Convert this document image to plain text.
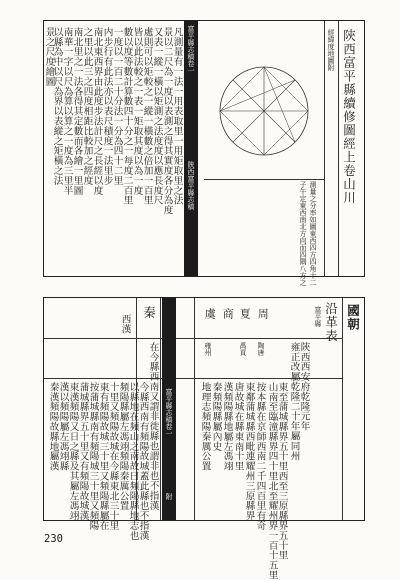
陝西富平縣續修圖經上卷山川
經緯度地圖附
測量之分率如圖東西四方四角十二
子午定東西南北方向而四隅八方之
富平縣志稿卷一
陝西富平縣志稿
凡測量有一法一用表取里一用矩取里之法
景以二尺為一度以表測之得其實度各分為度
又表一縱一橫以矩測之法度度以應長度尺
處則可以矩較之一縱一橫數之倍加一百里
皆以此法較之一表一矩取其度以為一度
數以度等數計算數四十分之一每度二百里
一度以一百二十分法一分為四十二里
内步行有此法亦以表尺積度一法里步
南北東西界由此度步法計尺之長經以度
之里以此三之四度相距比較加之經度
南北里之一法各得其定數而各繪一里圖
南華一字以尺為算以算之一度為三里半
以縣為中以尺為界以表縱之矩橫之法
景之尺度繪圖
國朝
沿革表
富平縣
周
夏
商
虞
雍州	禹貢 陶唐	陝西西安府乾隆元年
雍正改屬乾隆二十年屬同州
東至蒲城縣界五十里西至三原縣界五十里
山南至臨潼縣界四十里北至耀州界一百十五里
按本縣在京師西南二千四百里有奇
東鄰蒲城縣西毗連耀州三原縣界
唐故城在縣東南十里
漢頻陽縣地屬左馮翊
秦頻陽縣屬內史
地理志頻陽秦厲公置
富平縣志稿卷一
附
秦
西漢
在今縣西南又謂非徙縣也謂非也不指漢
今縣西南有頻陽故城蓋此縣也不指漢
以縣地在頻山之南故曰頻陽縣地志也
頻陽縣屬左馮翊頻陽秦厲公置
十里又頻陽故城在今縣東北三十里
東有頻陽故城三十里又頻陽縣屬在
按蒲城縣南有頻陽城三十里又頻陽
蒲城縣界五十里又有頻陽故城漢
東漢頻陽又日之縣及其屬左馮翊
漢以頻陽屬左馮翊縣
秦漢頻陽故縣地屬漢
230
